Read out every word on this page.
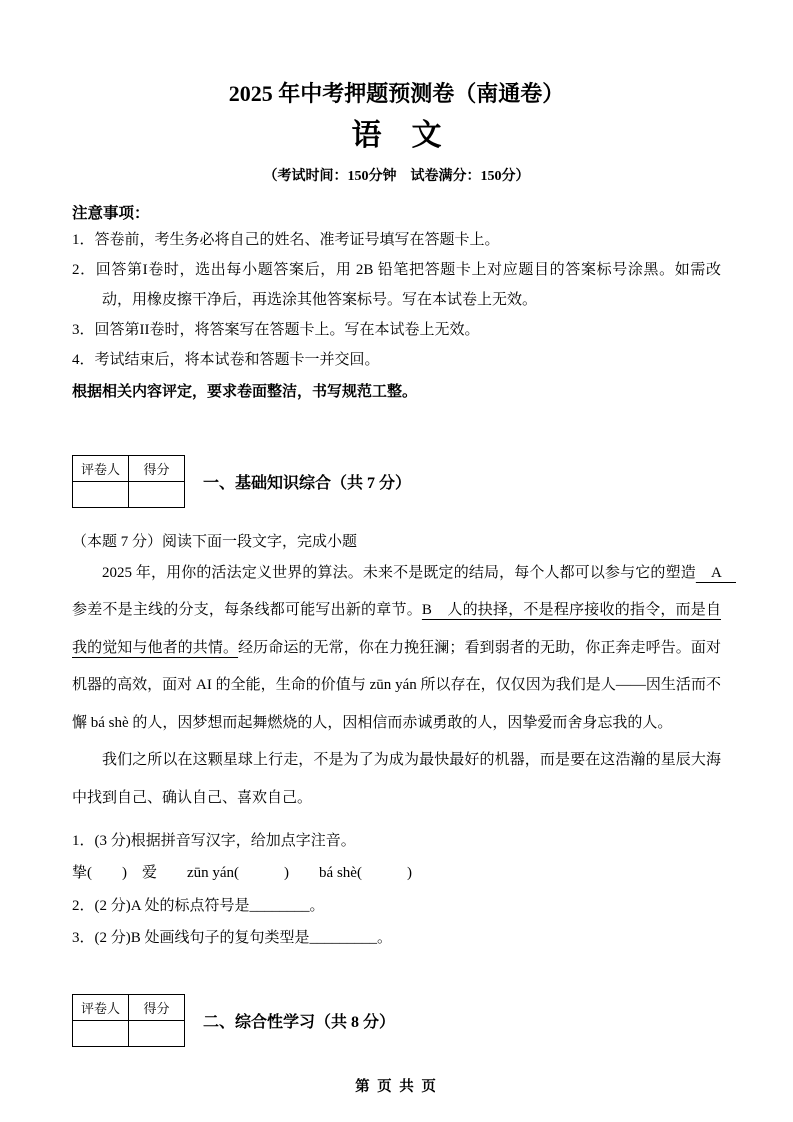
2025 年中考押题预测卷（南通卷）
语　文
（考试时间：150分钟　试卷满分：150分）
注意事项：
1．答卷前，考生务必将自己的姓名、准考证号填写在答题卡上。
2．回答第I卷时，选出每小题答案后，用 2B 铅笔把答题卡上对应题目的答案标号涂黑。如需改动，用橡皮擦干净后，再选涂其他答案标号。写在本试卷上无效。
3．回答第II卷时，将答案写在答题卡上。写在本试卷上无效。
4．考试结束后，将本试卷和答题卡一并交回。
根据相关内容评定，要求卷面整洁，书写规范工整。
评卷人	得分

一、基础知识综合（共 7 分）
（本题 7 分）阅读下面一段文字，完成小题

2025 年，用你的活法定义世界的算法。未来不是既定的结局，每个人都可以参与它的塑造　A　参差不是主线的分支，每条线都可能写出新的章节。B　人的抉择，不是程序接收的指令，而是自我的觉知与他者的共情。经历命运的无常，你在力挽狂澜；看到弱者的无助，你正奔走呼告。面对机器的高效，面对 AI 的全能，生命的价值与 zūn yán 所以存在，仅仅因为我们是人——因生活而不懈 bá shè 的人，因梦想而起舞燃烧的人，因相信而赤诚勇敢的人，因挚爱而舍身忘我的人。

我们之所以在这颗星球上行走，不是为了为成为最快最好的机器，而是要在这浩瀚的星辰大海中找到自己、确认自己、喜欢自己。

1．(3 分)根据拼音写汉字，给加点字注音。
挚(　　)　爱　　zūn yán(　　　)　　bá shè(　　　)
2．(2 分)A 处的标点符号是________。
3．(2 分)B 处画线句子的复句类型是_________。
评卷人	得分

二、综合性学习（共 8 分）
第 页 共 页
